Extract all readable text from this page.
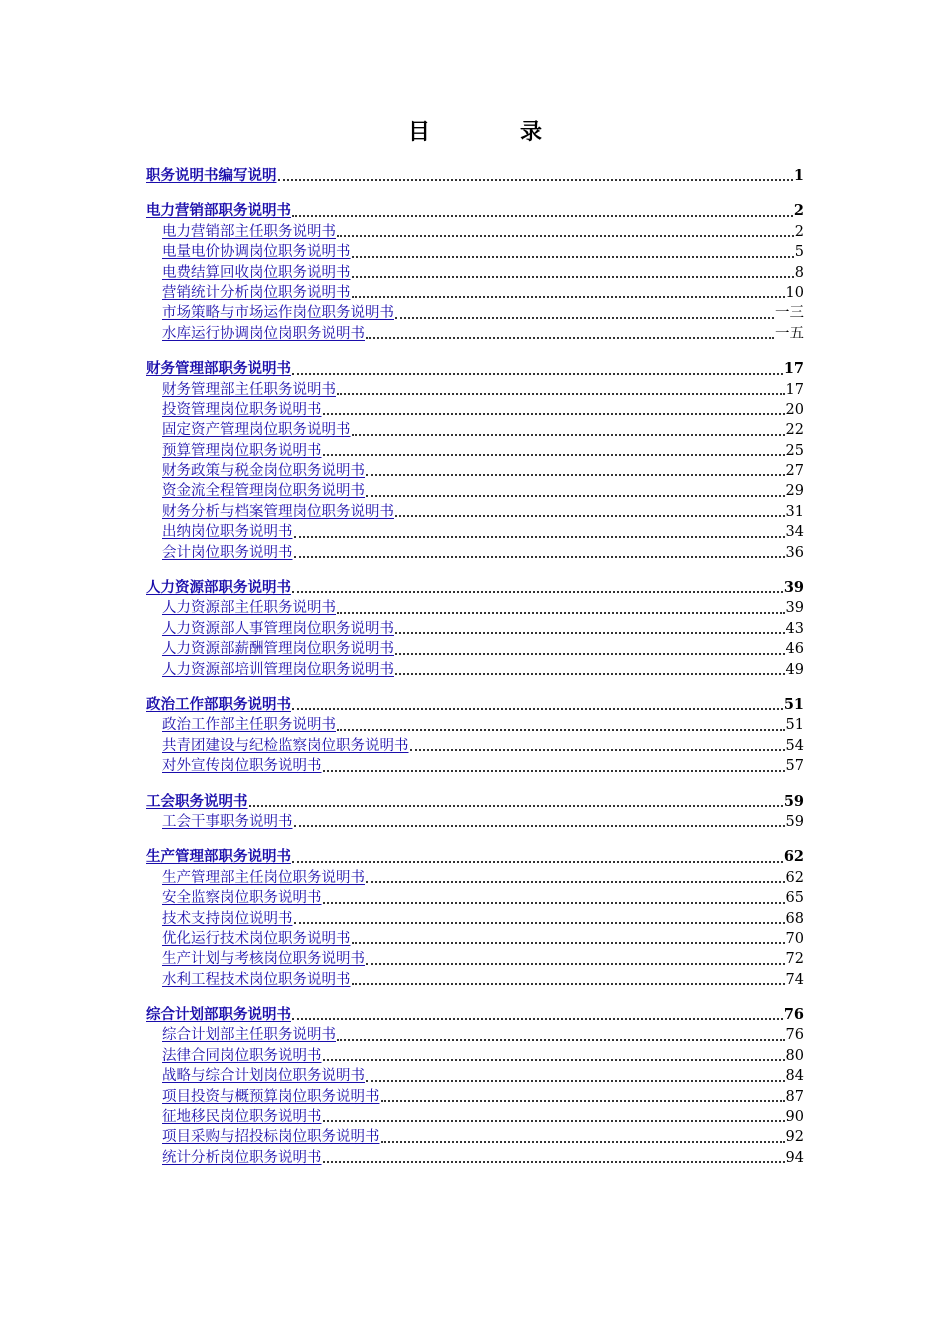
目	录
职务说明书编写说明	1
电力营销部职务说明书	2
电力营销部主任职务说明书	2
电量电价协调岗位职务说明书	5
电费结算回收岗位职务说明书	8
营销统计分析岗位职务说明书	10
市场策略与市场运作岗位职务说明书	一三
水库运行协调岗位岗职务说明书	一五
财务管理部职务说明书	17
财务管理部主任职务说明书	17
投资管理岗位职务说明书	20
固定资产管理岗位职务说明书	22
预算管理岗位职务说明书	25
财务政策与税金岗位职务说明书	27
资金流全程管理岗位职务说明书	29
财务分析与档案管理岗位职务说明书	31
出纳岗位职务说明书	34
会计岗位职务说明书	36
人力资源部职务说明书	39
人力资源部主任职务说明书	39
人力资源部人事管理岗位职务说明书	43
人力资源部薪酬管理岗位职务说明书	46
人力资源部培训管理岗位职务说明书	49
政治工作部职务说明书	51
政治工作部主任职务说明书	51
共青团建设与纪检监察岗位职务说明书	54
对外宣传岗位职务说明书	57
工会职务说明书	59
工会干事职务说明书	59
生产管理部职务说明书	62
生产管理部主任岗位职务说明书	62
安全监察岗位职务说明书	65
技术支持岗位说明书	68
优化运行技术岗位职务说明书	70
生产计划与考核岗位职务说明书	72
水利工程技术岗位职务说明书	74
综合计划部职务说明书	76
综合计划部主任职务说明书	76
法律合同岗位职务说明书	80
战略与综合计划岗位职务说明书	84
项目投资与概预算岗位职务说明书	87
征地移民岗位职务说明书	90
项目采购与招投标岗位职务说明书	92
统计分析岗位职务说明书	94
